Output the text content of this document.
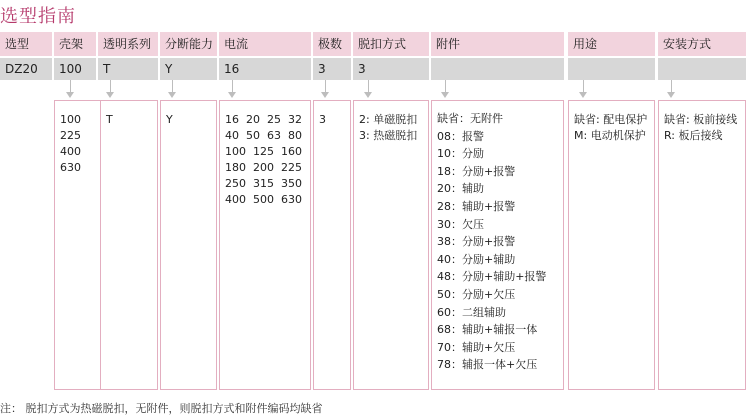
选型指南
选型
DZ20
壳架
100
100
225
400
630
透明系列
T
T
分断能力
Y
Y
电流
16
16  20  25  32
40  50  63  80
100  125  160
180  200  225
250  315  350
400  500  630
极数
3
3
脱扣方式
3
2: 单磁脱扣
3: 热磁脱扣
附件
缺省：无附件
08：报警
10：分励
18：分励+报警
20：辅助
28：辅助+报警
30：欠压
38：分励+报警
40：分励+辅助
48：分励+辅助+报警
50：分励+欠压
60：二组辅助
68：辅助+辅报一体
70：辅助+欠压
78：辅报一体+欠压
用途
缺省: 配电保护
M: 电动机保护
安装方式
缺省: 板前接线
R: 板后接线
注： 脱扣方式为热磁脱扣，无附件，则脱扣方式和附件编码均缺省
